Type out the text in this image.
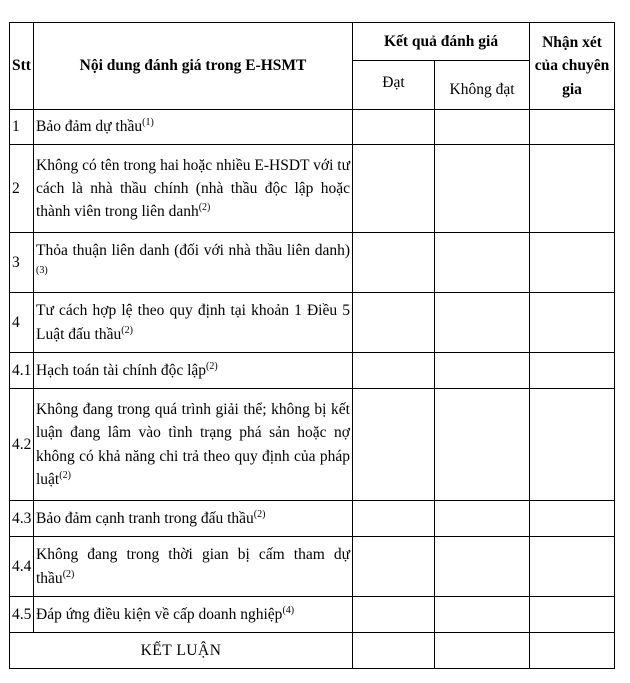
Stt	Nội dung đánh giá trong E-HSMT	Kết quả đánh giá		Nhận xét của chuyên gia
		Đạt	Không đạt	
1	Bảo đảm dự thầu$^{(1)}$			
2	Không có tên trong hai hoặc nhiều E-HSDT với tư cách là nhà thầu chính (nhà thầu độc lập hoặc thành viên trong liên danh$^{(2)}$			
3	Thỏa thuận liên danh (đối với nhà thầu liên danh)$^{(3)}$			
4	Tư cách hợp lệ theo quy định tại khoản 1 Điều 5 Luật đấu thầu$^{(2)}$			
4.1	Hạch toán tài chính độc lập$^{(2)}$			
4.2	Không đang trong quá trình giải thể; không bị kết luận đang lâm vào tình trạng phá sản hoặc nợ không có khả năng chi trả theo quy định của pháp luật$^{(2)}$			
4.3	Bảo đảm cạnh tranh trong đấu thầu$^{(2)}$			
4.4	Không đang trong thời gian bị cấm tham dự thầu$^{(2)}$			
4.5	Đáp ứng điều kiện về cấp doanh nghiệp$^{(4)}$			
KẾT LUẬN				
